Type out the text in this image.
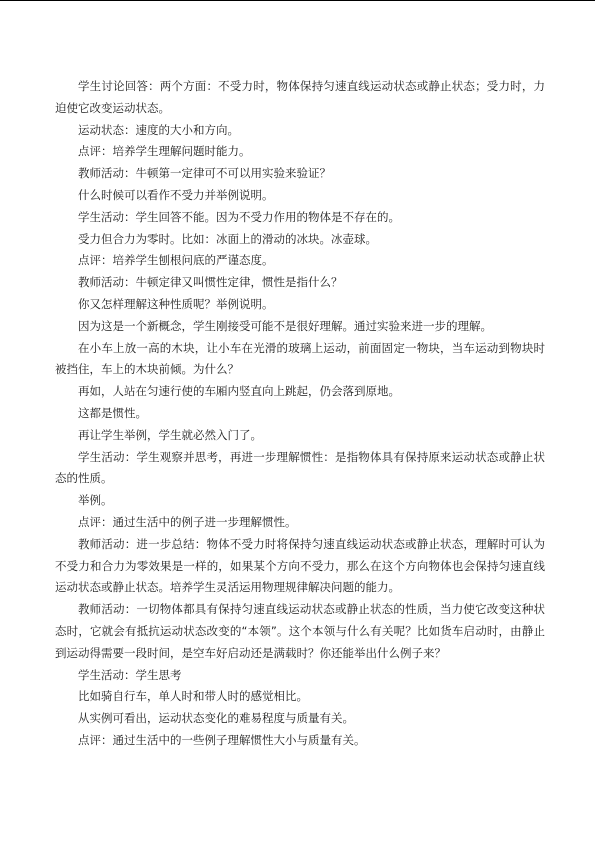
学生讨论回答：两个方面：不受力时，物体保持匀速直线运动状态或静止状态；受力时，力迫使它改变运动状态。

运动状态：速度的大小和方向。

点评：培养学生理解问题时能力。

教师活动：牛顿第一定律可不可以用实验来验证？

什么时候可以看作不受力并举例说明。

学生活动：学生回答不能。因为不受力作用的物体是不存在的。

受力但合力为零时。比如：冰面上的滑动的冰块。冰壶球。

点评：培养学生刨根问底的严谨态度。

教师活动：牛顿定律又叫惯性定律，惯性是指什么？

你又怎样理解这种性质呢？举例说明。

因为这是一个新概念，学生刚接受可能不是很好理解。通过实验来进一步的理解。

在小车上放一高的木块，让小车在光滑的玻璃上运动，前面固定一物块，当车运动到物块时被挡住，车上的木块前倾。为什么？

再如，人站在匀速行使的车厢内竖直向上跳起，仍会落到原地。

这都是惯性。

再让学生举例，学生就必然入门了。

学生活动：学生观察并思考，再进一步理解惯性：是指物体具有保持原来运动状态或静止状态的性质。

举例。

点评：通过生活中的例子进一步理解惯性。

教师活动：进一步总结：物体不受力时将保持匀速直线运动状态或静止状态，理解时可认为不受力和合力为零效果是一样的，如果某个方向不受力，那么在这个方向物体也会保持匀速直线运动状态或静止状态。培养学生灵活运用物理规律解决问题的能力。

教师活动：一切物体都具有保持匀速直线运动状态或静止状态的性质，当力使它改变这种状态时，它就会有抵抗运动状态改变的“本领”。这个本领与什么有关呢？比如货车启动时，由静止到运动得需要一段时间，是空车好启动还是满载时？你还能举出什么例子来？

学生活动：学生思考

比如骑自行车，单人时和带人时的感觉相比。

从实例可看出，运动状态变化的难易程度与质量有关。

点评：通过生活中的一些例子理解惯性大小与质量有关。
